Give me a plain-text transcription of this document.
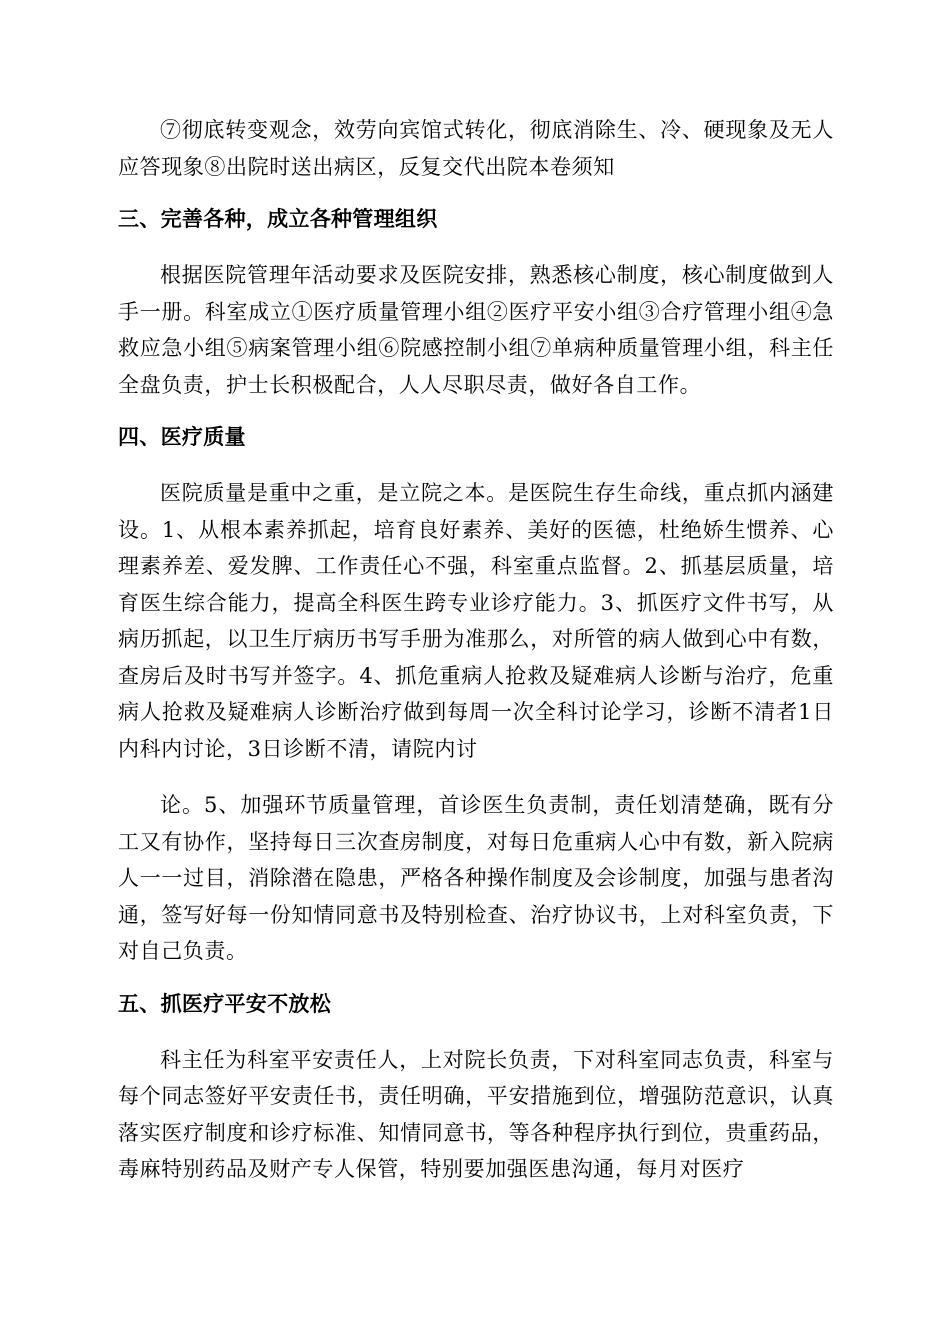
⑦彻底转变观念，效劳向宾馆式转化，彻底消除生、冷、硬现象及无人应答现象⑧出院时送出病区，反复交代出院本卷须知

三、完善各种，成立各种管理组织

根据医院管理年活动要求及医院安排，熟悉核心制度，核心制度做到人手一册。科室成立①医疗质量管理小组②医疗平安小组③合疗管理小组④急救应急小组⑤病案管理小组⑥院感控制小组⑦单病种质量管理小组，科主任全盘负责，护士长积极配合，人人尽职尽责，做好各自工作。

四、医疗质量

医院质量是重中之重，是立院之本。是医院生存生命线，重点抓内涵建设。1、从根本素养抓起，培育良好素养、美好的医德，杜绝娇生惯养、心理素养差、爱发脾、工作责任心不强，科室重点监督。2、抓基层质量，培育医生综合能力，提高全科医生跨专业诊疗能力。3、抓医疗文件书写，从病历抓起，以卫生厅病历书写手册为准那么，对所管的病人做到心中有数，查房后及时书写并签字。4、抓危重病人抢救及疑难病人诊断与治疗，危重病人抢救及疑难病人诊断治疗做到每周一次全科讨论学习，诊断不清者1日内科内讨论，3日诊断不清，请院内讨

论。5、加强环节质量管理，首诊医生负责制，责任划清楚确，既有分工又有协作，坚持每日三次查房制度，对每日危重病人心中有数，新入院病人一一过目，消除潜在隐患，严格各种操作制度及会诊制度，加强与患者沟通，签写好每一份知情同意书及特别检查、治疗协议书，上对科室负责，下对自己负责。

五、抓医疗平安不放松

科主任为科室平安责任人，上对院长负责，下对科室同志负责，科室与每个同志签好平安责任书，责任明确，平安措施到位，增强防范意识，认真落实医疗制度和诊疗标准、知情同意书，等各种程序执行到位，贵重药品，毒麻特别药品及财产专人保管，特别要加强医患沟通，每月对医疗
